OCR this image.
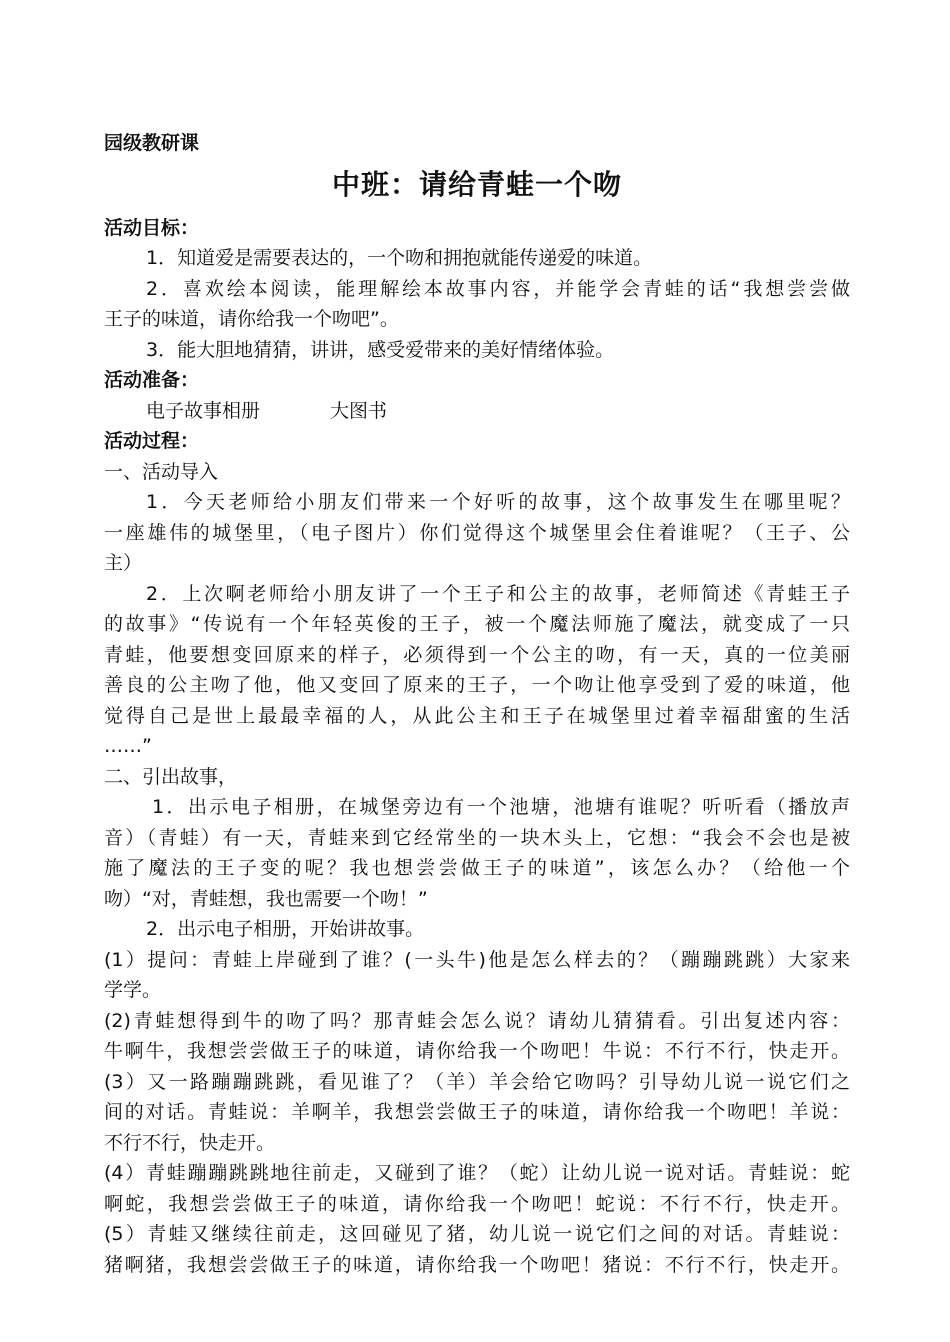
园级教研课
中班：请给青蛙一个吻
活动目标：
1．知道爱是需要表达的，一个吻和拥抱就能传递爱的味道。
2．喜欢绘本阅读，能理解绘本故事内容，并能学会青蛙的话“我想尝尝做
王子的味道，请你给我一个吻吧”。
3．能大胆地猜猜，讲讲，感受爱带来的美好情绪体验。
活动准备：
电子故事相册	大图书
活动过程：
一、活动导入
1．今天老师给小朋友们带来一个好听的故事，这个故事发生在哪里呢？
一座雄伟的城堡里，（电子图片）你们觉得这个城堡里会住着谁呢？（王子、公
主）
2．上次啊老师给小朋友讲了一个王子和公主的故事，老师简述《青蛙王子
的故事》“传说有一个年轻英俊的王子，被一个魔法师施了魔法，就变成了一只
青蛙，他要想变回原来的样子，必须得到一个公主的吻，有一天，真的一位美丽
善良的公主吻了他，他又变回了原来的王子，一个吻让他享受到了爱的味道，他
觉得自己是世上最最幸福的人，从此公主和王子在城堡里过着幸福甜蜜的生活
……”
二、引出故事，
1．出示电子相册，在城堡旁边有一个池塘，池塘有谁呢？听听看（播放声
音）（青蛙）有一天，青蛙来到它经常坐的一块木头上，它想：“我会不会也是被
施了魔法的王子变的呢？我也想尝尝做王子的味道”，该怎么办？（给他一个
吻）“对，青蛙想，我也需要一个吻！”
2．出示电子相册，开始讲故事。
(1）提问：青蛙上岸碰到了谁？(一头牛)他是怎么样去的？（蹦蹦跳跳）大家来
学学。
(2)青蛙想得到牛的吻了吗？那青蛙会怎么说？请幼儿猜猜看。引出复述内容：
牛啊牛，我想尝尝做王子的味道，请你给我一个吻吧！牛说：不行不行，快走开。
(3）又一路蹦蹦跳跳，看见谁了？（羊）羊会给它吻吗？引导幼儿说一说它们之
间的对话。青蛙说：羊啊羊，我想尝尝做王子的味道，请你给我一个吻吧！羊说：
不行不行，快走开。
(4）青蛙蹦蹦跳跳地往前走，又碰到了谁？（蛇）让幼儿说一说对话。青蛙说：蛇
啊蛇，我想尝尝做王子的味道，请你给我一个吻吧！蛇说：不行不行，快走开。
(5）青蛙又继续往前走，这回碰见了猪，幼儿说一说它们之间的对话。青蛙说：
猪啊猪，我想尝尝做王子的味道，请你给我一个吻吧！猪说：不行不行，快走开。
